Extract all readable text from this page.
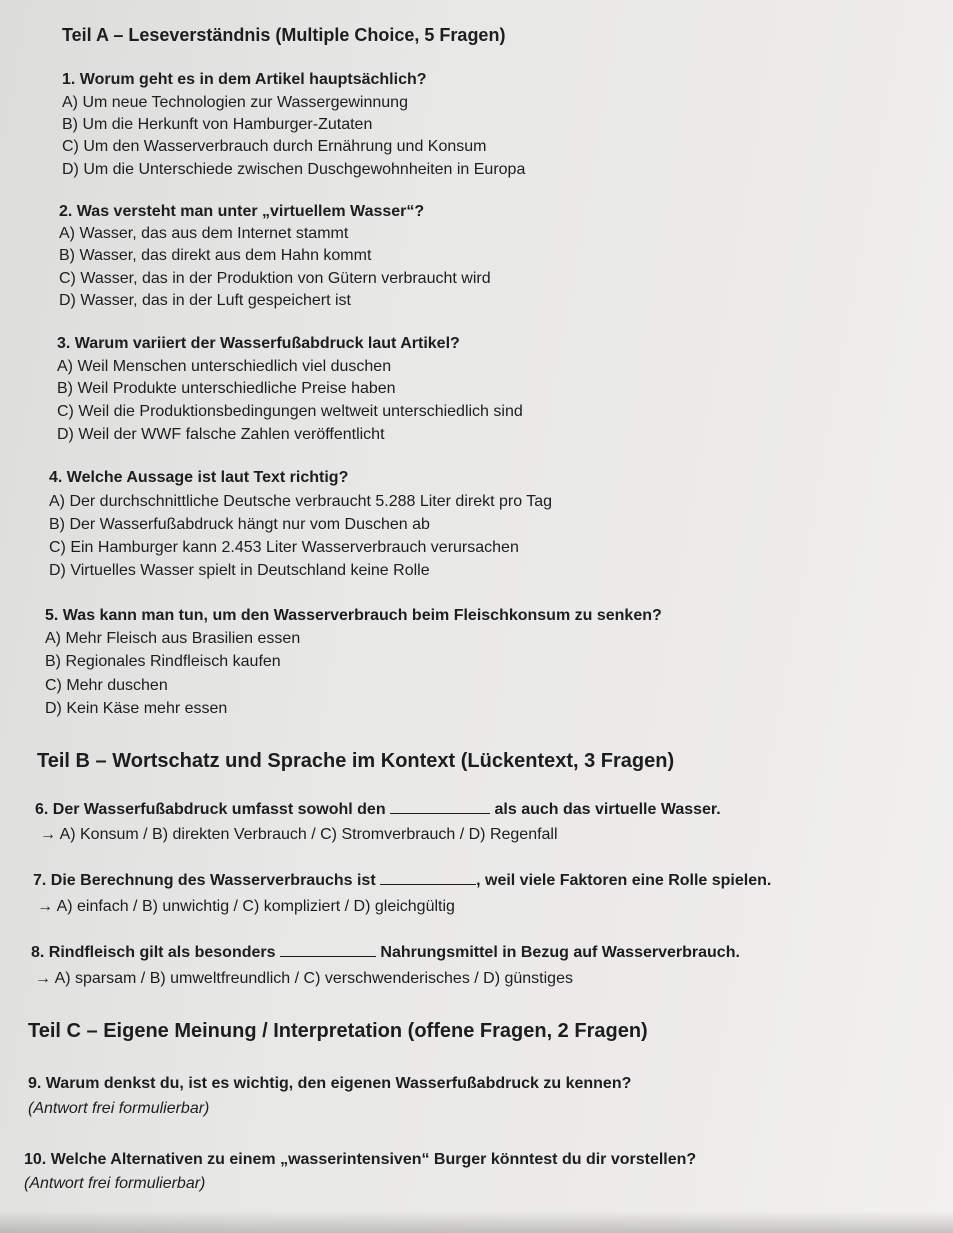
Teil A – Leseverständnis (Multiple Choice, 5 Fragen)
1. Worum geht es in dem Artikel hauptsächlich?
A) Um neue Technologien zur Wassergewinnung
B) Um die Herkunft von Hamburger-Zutaten
C) Um den Wasserverbrauch durch Ernährung und Konsum
D) Um die Unterschiede zwischen Duschgewohnheiten in Europa
2. Was versteht man unter „virtuellem Wasser“?
A) Wasser, das aus dem Internet stammt
B) Wasser, das direkt aus dem Hahn kommt
C) Wasser, das in der Produktion von Gütern verbraucht wird
D) Wasser, das in der Luft gespeichert ist
3. Warum variiert der Wasserfußabdruck laut Artikel?
A) Weil Menschen unterschiedlich viel duschen
B) Weil Produkte unterschiedliche Preise haben
C) Weil die Produktionsbedingungen weltweit unterschiedlich sind
D) Weil der WWF falsche Zahlen veröffentlicht
4. Welche Aussage ist laut Text richtig?
A) Der durchschnittliche Deutsche verbraucht 5.288 Liter direkt pro Tag
B) Der Wasserfußabdruck hängt nur vom Duschen ab
C) Ein Hamburger kann 2.453 Liter Wasserverbrauch verursachen
D) Virtuelles Wasser spielt in Deutschland keine Rolle
5. Was kann man tun, um den Wasserverbrauch beim Fleischkonsum zu senken?
A) Mehr Fleisch aus Brasilien essen
B) Regionales Rindfleisch kaufen
C) Mehr duschen
D) Kein Käse mehr essen
Teil B – Wortschatz und Sprache im Kontext (Lückentext, 3 Fragen)
6. Der Wasserfußabdruck umfasst sowohl den	als auch das virtuelle Wasser.
→ A) Konsum / B) direkten Verbrauch / C) Stromverbrauch / D) Regenfall
7. Die Berechnung des Wasserverbrauchs ist	, weil viele Faktoren eine Rolle spielen.
→ A) einfach / B) unwichtig / C) kompliziert / D) gleichgültig
8. Rindfleisch gilt als besonders	Nahrungsmittel in Bezug auf Wasserverbrauch.
→ A) sparsam / B) umweltfreundlich / C) verschwenderisches / D) günstiges
Teil C – Eigene Meinung / Interpretation (offene Fragen, 2 Fragen)
9. Warum denkst du, ist es wichtig, den eigenen Wasserfußabdruck zu kennen?
(Antwort frei formulierbar)
10. Welche Alternativen zu einem „wasserintensiven“ Burger könntest du dir vorstellen?
(Antwort frei formulierbar)
